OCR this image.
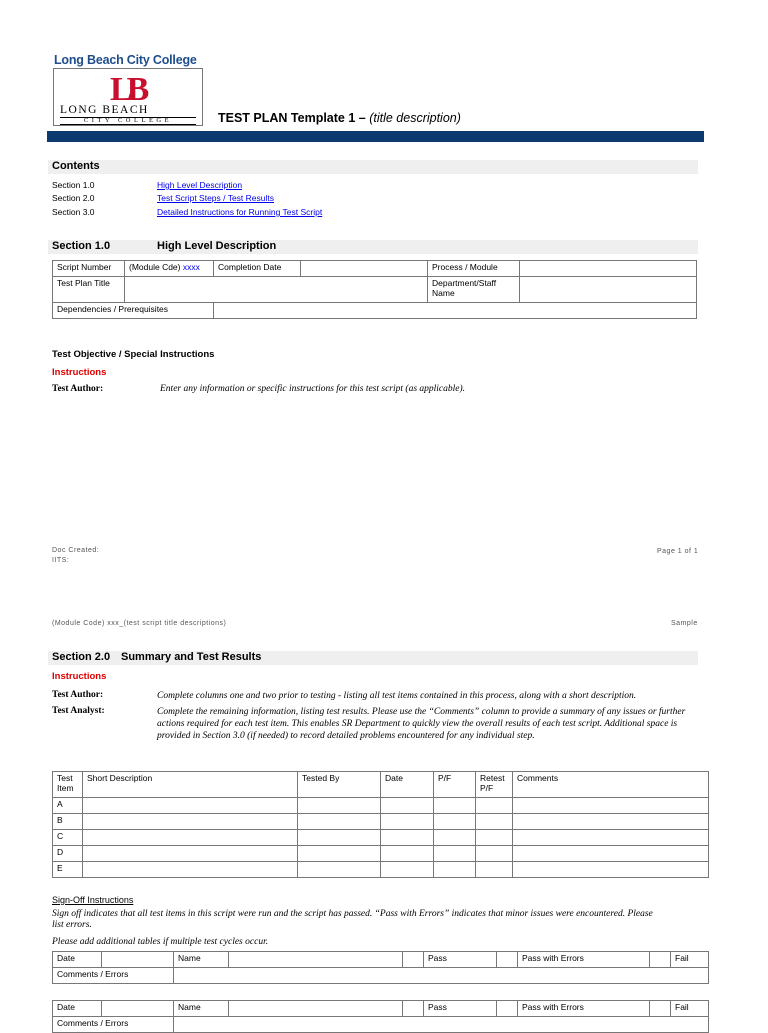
Long Beach City College
LB
LONG BEACH
CITY COLLEGE	TEST PLAN Template 1 – (title description)
Contents
Section 1.0	High Level Description
Section 2.0	Test Script Steps / Test Results
Section 3.0	Detailed Instructions for Running Test Script
Section 1.0	High Level Description
Script Number	(Module Cde) xxxx	Completion Date		Process / Module	
Test Plan Title				Department/Staff Name	
Dependencies / Prerequisites					
Test Objective / Special Instructions
Instructions
Test Author:	Enter any information or specific instructions for this test script (as applicable).
Doc Created:
IITS:
Page 1 of 1
(Module Code) xxx_(test script title descriptions)	Sample
Section 2.0 Summary and Test Results
Instructions
Test Author:	Complete columns one and two prior to testing - listing all test items contained in this process, along with a short description.
Test Analyst:	Complete the remaining information, listing test results. Please use the “Comments” column to provide a summary of any issues or further actions required for each test item. This enables SR Department to quickly view the overall results of each test script. Additional space is provided in Section 3.0 (if needed) to record detailed problems encountered for any individual step.
Test Item	Short Description	Tested By	Date	P/F	Retest P/F	Comments
A						
B						
C						
D						
E						
Sign-Off Instructions
Sign off indicates that all test items in this script were run and the script has passed. “Pass with Errors” indicates that minor issues were encountered. Please list errors.
Please add additional tables if multiple test cycles occur.
Date		Name			Pass		Pass with Errors		Fail
Comments / Errors									
Date		Name			Pass		Pass with Errors		Fail
Comments / Errors									
